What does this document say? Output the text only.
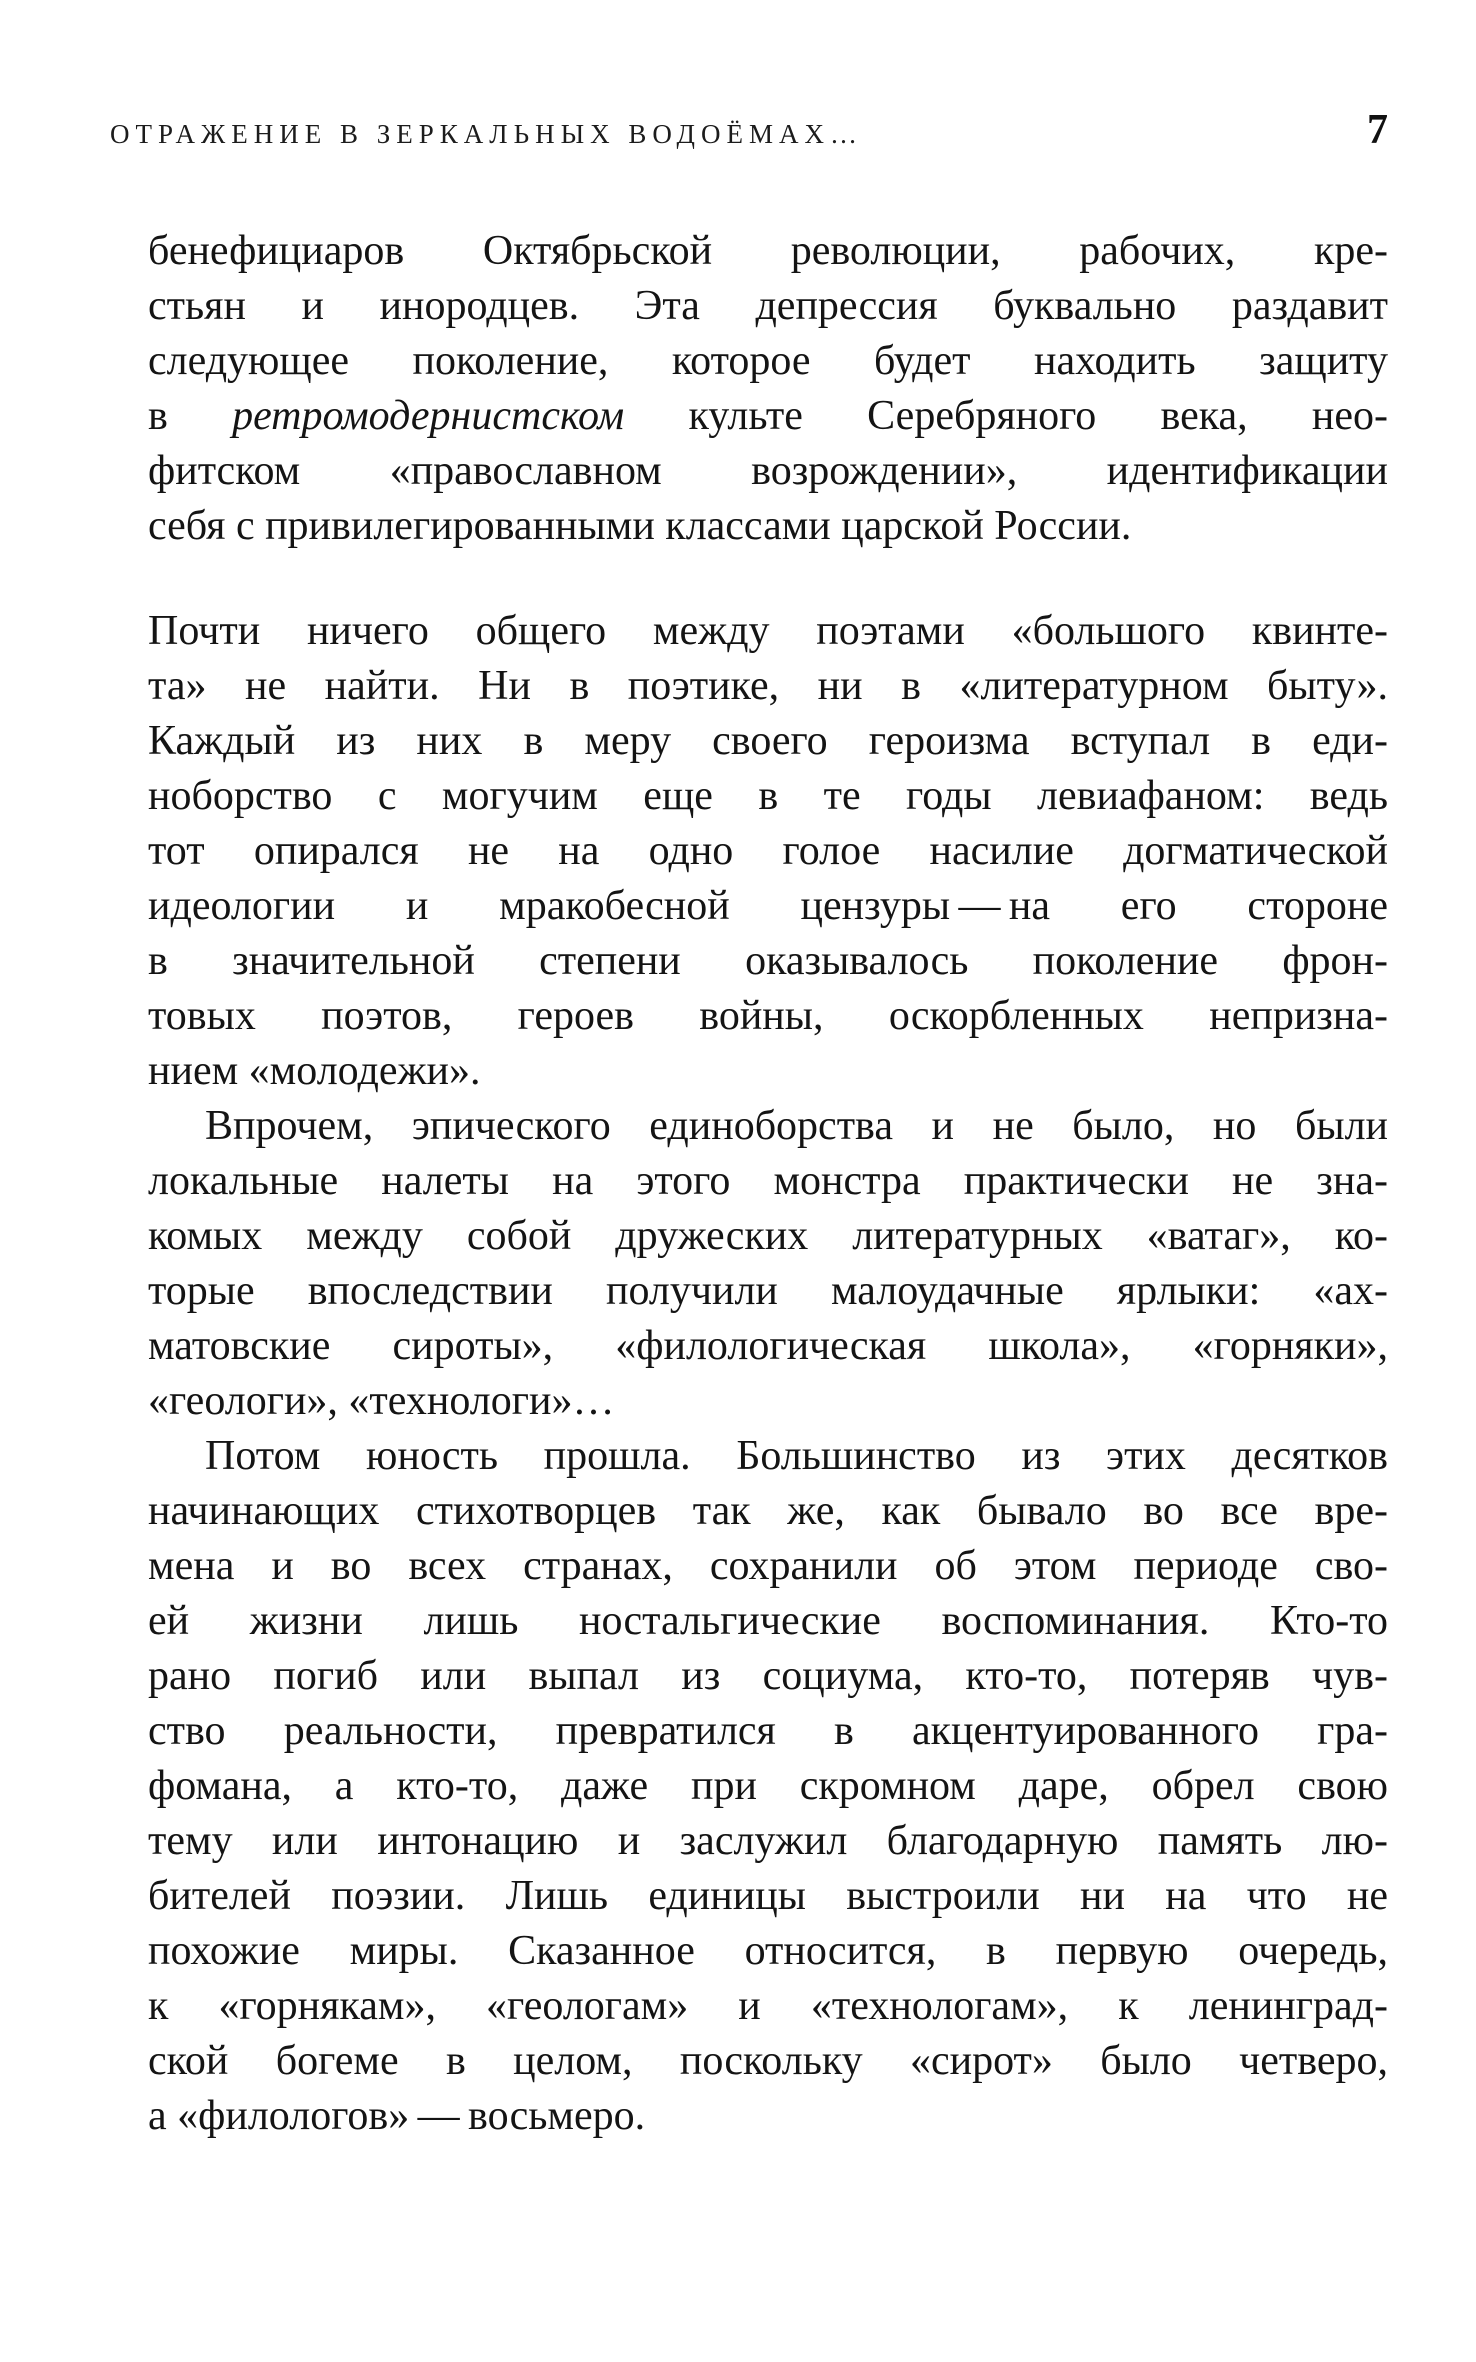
ОТРАЖЕНИЕ В ЗЕРКАЛЬНЫХ ВОДОЁМАХ…	7
бенефициаров Октябрьской революции, рабочих, кре-
стьян и инородцев. Эта депрессия буквально раздавит
следующее поколение, которое будет находить защиту
в ретромодернистском культе Серебряного века, нео-
фитском «православном возрождении», идентификации
себя с привилегированными классами царской России.
Почти ничего общего между поэтами «большого квинте-
та» не найти. Ни в поэтике, ни в «литературном быту».
Каждый из них в меру своего героизма вступал в еди-
ноборство с могучим еще в те годы левиафаном: ведь
тот опирался не на одно голое насилие догматической
идеологии и мракобесной цензуры — на его стороне
в значительной степени оказывалось поколение фрон-
товых поэтов, героев войны, оскорбленных непризна-
нием «молодежи».
Впрочем, эпического единоборства и не было, но были
локальные налеты на этого монстра практически не зна-
комых между собой дружеских литературных «ватаг», ко-
торые впоследствии получили малоудачные ярлыки: «ах-
матовские сироты», «филологическая школа», «горняки»,
«геологи», «технологи»…
Потом юность прошла. Большинство из этих десятков
начинающих стихотворцев так же, как бывало во все вре-
мена и во всех странах, сохранили об этом периоде сво-
ей жизни лишь ностальгические воспоминания. Кто-то
рано погиб или выпал из социума, кто-то, потеряв чув-
ство реальности, превратился в акцентуированного гра-
фомана, а кто-то, даже при скромном даре, обрел свою
тему или интонацию и заслужил благодарную память лю-
бителей поэзии. Лишь единицы выстроили ни на что не
похожие миры. Сказанное относится, в первую очередь,
к «горнякам», «геологам» и «технологам», к ленинград-
ской богеме в целом, поскольку «сирот» было четверо,
а «филологов» — восьмеро.
